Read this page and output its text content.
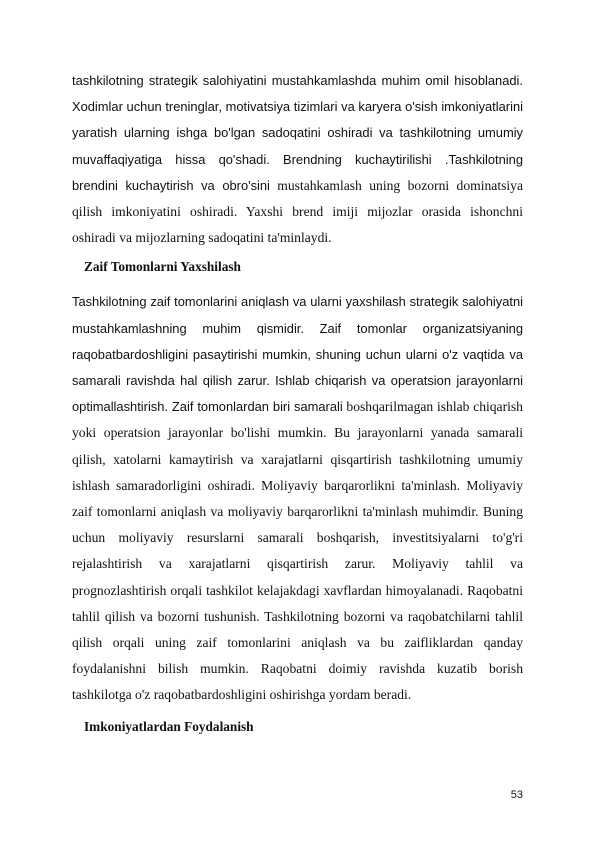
tashkilotning strategik salohiyatini mustahkamlashda muhim omil hisoblanadi. Xodimlar uchun treninglar, motivatsiya tizimlari va karyera o'sish imkoniyatlarini yaratish ularning ishga bo'lgan sadoqatini oshiradi va tashkilotning umumiy muvaffaqiyatiga hissa qo'shadi. Brendning kuchaytirilishi .Tashkilotning brendini kuchaytirish va obro'sini mustahkamlash uning bozorni dominatsiya qilish imkoniyatini oshiradi. Yaxshi brend imiji mijozlar orasida ishonchni oshiradi va mijozlarning sadoqatini ta'minlaydi.

Zaif Tomonlarni Yaxshilash

Tashkilotning zaif tomonlarini aniqlash va ularni yaxshilash strategik salohiyatni mustahkamlashning muhim qismidir. Zaif tomonlar organizatsiyaning raqobatbardoshligini pasaytirishi mumkin, shuning uchun ularni o'z vaqtida va samarali ravishda hal qilish zarur. Ishlab chiqarish va operatsion jarayonlarni optimallashtirish. Zaif tomonlardan biri samarali boshqarilmagan ishlab chiqarish yoki operatsion jarayonlar bo'lishi mumkin. Bu jarayonlarni yanada samarali qilish, xatolarni kamaytirish va xarajatlarni qisqartirish tashkilotning umumiy ishlash samaradorligini oshiradi. Moliyaviy barqarorlikni ta'minlash. Moliyaviy zaif tomonlarni aniqlash va moliyaviy barqarorlikni ta'minlash muhimdir. Buning uchun moliyaviy resurslarni samarali boshqarish, investitsiyalarni to'g'ri rejalashtirish va xarajatlarni qisqartirish zarur. Moliyaviy tahlil va prognozlashtirish orqali tashkilot kelajakdagi xavflardan himoyalanadi. Raqobatni tahlil qilish va bozorni tushunish. Tashkilotning bozorni va raqobatchilarni tahlil qilish orqali uning zaif tomonlarini aniqlash va bu zaifliklardan qanday foydalanishni bilish mumkin. Raqobatni doimiy ravishda kuzatib borish tashkilotga o'z raqobatbardoshligini oshirishga yordam beradi.

Imkoniyatlardan Foydalanish
53
